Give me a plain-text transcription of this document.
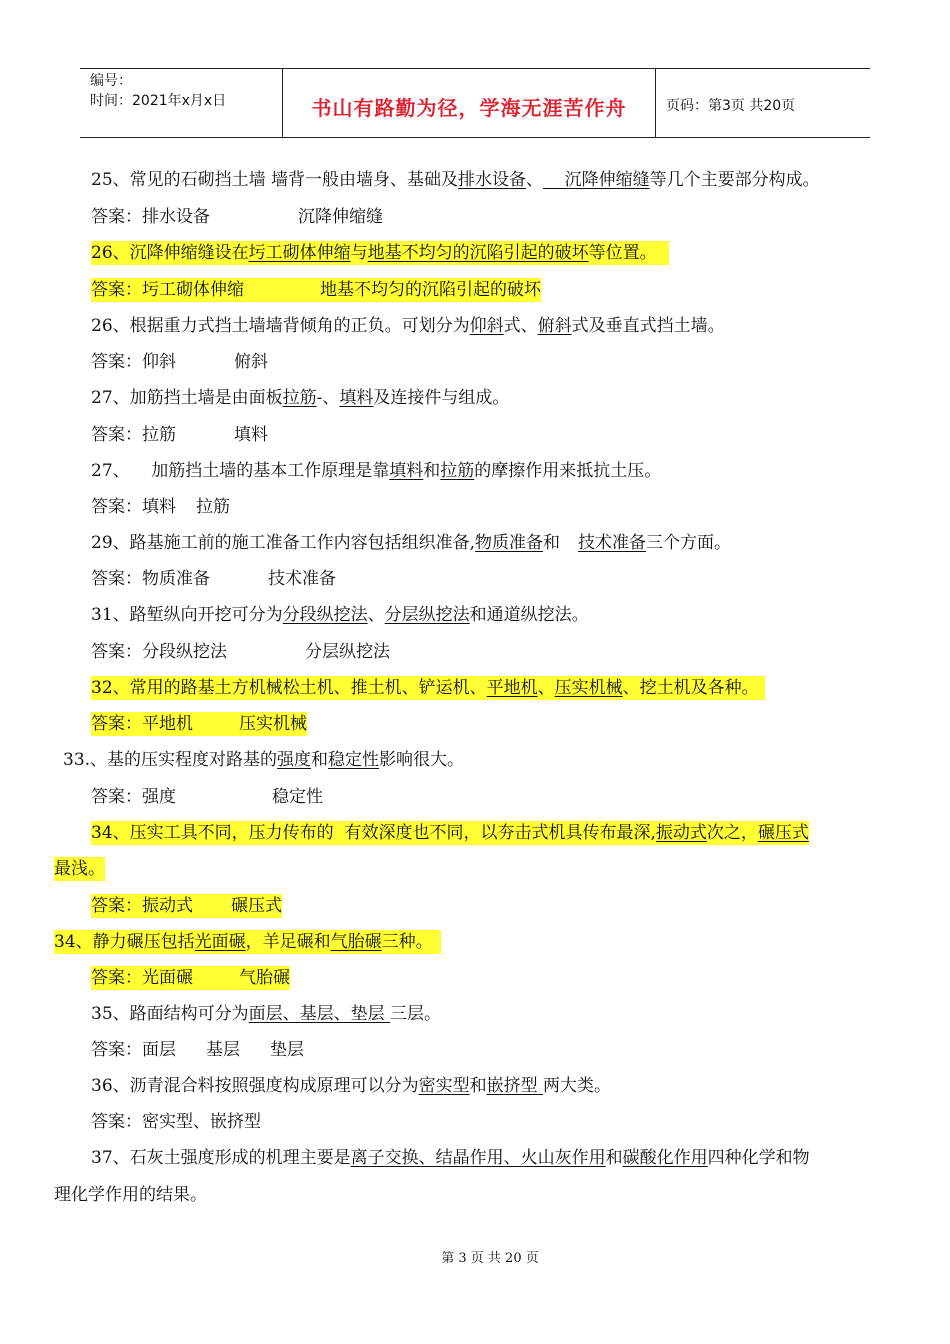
编号：
时间：2021年x月x日	书山有路勤为径，学海无涯苦作舟	页码：第3页 共20页
25、常见的石砌挡土墙 墙背一般由墙身、基础及排水设备、    沉降伸缩缝等几个主要部分构成。
答案：排水设备	沉降伸缩缝
26、沉降伸缩缝设在圬工砌体伸缩与地基不均匀的沉陷引起的破坏等位置。
答案：圬工砌体伸缩	地基不均匀的沉陷引起的破坏
26、根据重力式挡土墙墙背倾角的正负。可划分为仰斜式、俯斜式及垂直式挡土墙。
答案：仰斜	俯斜
27、加筋挡土墙是由面板拉筋-、填料及连接件与组成。
答案：拉筋	填料
27、    加筋挡土墙的基本工作原理是靠填料和拉筋的摩擦作用来抵抗土压。
答案：填料 拉筋
29、路基施工前的施工准备工作内容包括组织准备,物质准备和 技术准备三个方面。
答案：物质准备	技术准备
31、路堑纵向开挖可分为分段纵挖法、分层纵挖法和通道纵挖法。
答案：分段纵挖法	分层纵挖法
32、常用的路基土方机械松土机、推土机、铲运机、平地机、压实机械、挖土机及各种。
答案：平地机	压实机械
33.、基的压实程度对路基的强度和稳定性影响很大。
答案：强度	稳定性
34、压实工具不同，压力传布的  有效深度也不同，以夯击式机具传布最深,振动式次之，碾压式
最浅。
答案：振动式 碾压式
34、静力碾压包括光面碾，羊足碾和气胎碾三种。
答案：光面碾	气胎碾
35、路面结构可分为面层、基层、垫层 三层。
答案：面层 基层 垫层
36、沥青混合料按照强度构成原理可以分为密实型和嵌挤型 两大类。
答案：密实型、嵌挤型
37、石灰土强度形成的机理主要是离子交换、结晶作用、火山灰作用和碳酸化作用四种化学和物
理化学作用的结果。
第 3 页 共 20 页
